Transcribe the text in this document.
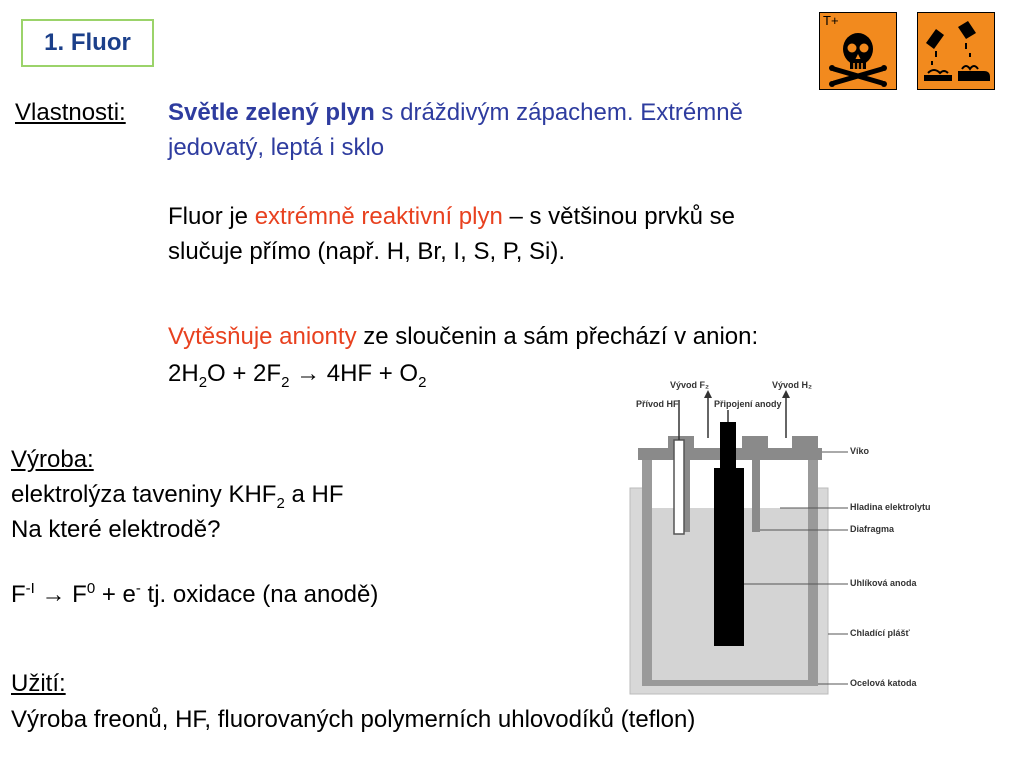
1. Fluor
T+
Vlastnosti: Světle zelený plyn s dráždivým zápachem. Extrémně
jedovatý, leptá i sklo
Fluor je extrémně reaktivní plyn – s většinou prvků se
slučuje přímo (např. H, Br, I, S, P, Si).
Vytěsňuje anionty ze sloučenin a sám přechází v anion:
$2H_2O + 2F_2 \to 4HF + O_2$
Výroba:
elektrolýza taveniny $KHF_2$ a HF
Na které elektrodě?
$F^{-I} \to F^0 + e^-$ tj. oxidace (na anodě)
Užití:
Výroba freonů, HF, fluorovaných polymerních uhlovodíků (teflon)
Vývod F₂	Vývod H₂
Přívod HF	Připojení anody
Víko
Hladina elektrolytu
Diafragma
Uhlíková anoda
Chladící plášť
Ocelová katoda
